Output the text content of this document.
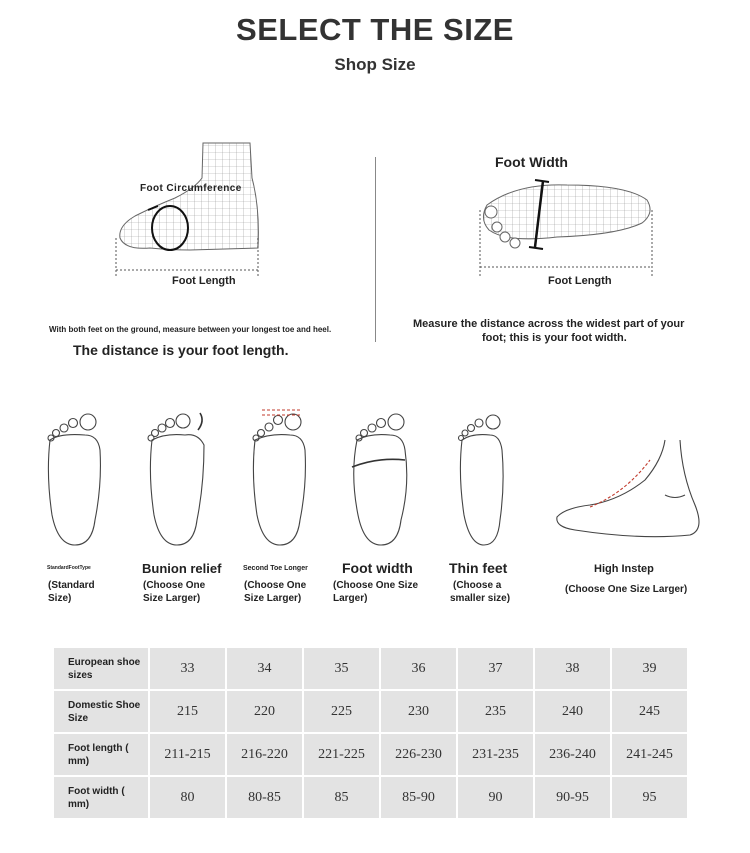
SELECT THE SIZE
Shop Size
Foot Circumference
Foot Length
With both feet on the ground, measure between your longest toe and heel.
The distance is your foot length.
Foot Width
Foot Length
Measure the distance across the widest part of your
foot; this is your foot width.
StandardFootType
(Standard
Size)
Bunion relief
(Choose One
Size Larger)
Second Toe Longer
(Choose One
Size Larger)
Foot width
(Choose One Size
Larger)
Thin feet
(Choose a
smaller size)
High Instep
(Choose One Size Larger)
European shoe
sizes	33	34	35	36	37	38	39
Domestic Shoe
Size	215	220	225	230	235	240	245
Foot length (
mm)	211-215	216-220	221-225	226-230	231-235	236-240	241-245
Foot width (
mm)	80	80-85	85	85-90	90	90-95	95
